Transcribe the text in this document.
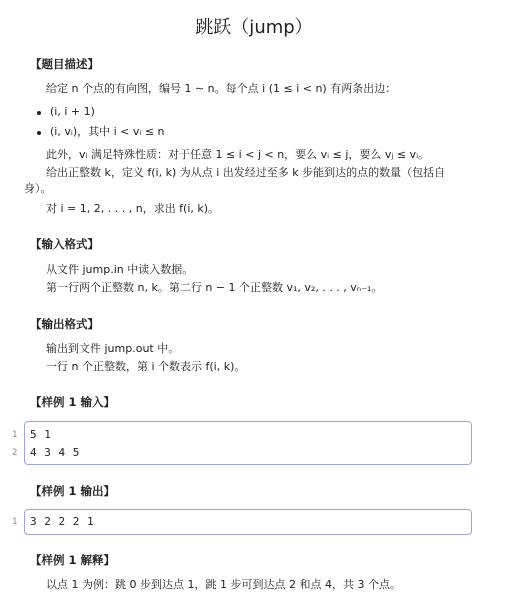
跳跃（jump）
【题目描述】
给定 n 个点的有向图，编号 1 ∼ n。每个点 i (1 ≤ i < n) 有两条出边：
(i, i + 1)
(i, vᵢ)，其中 i < vᵢ ≤ n
此外，vᵢ 满足特殊性质：对于任意 1 ≤ i < j < n，要么 vᵢ ≤ j，要么 vⱼ ≤ vᵢ。
给出正整数 k，定义 f(i, k) 为从点 i 出发经过至多 k 步能到达的点的数量（包括自
身）。
对 i = 1, 2, . . . , n，求出 f(i, k)。
【输入格式】
从文件 jump.in 中读入数据。
第一行两个正整数 n, k。第二行 n − 1 个正整数 v₁, v₂, . . . , vₙ₋₁。
【输出格式】
输出到文件 jump.out 中。
一行 n 个正整数，第 i 个数表示 f(i, k)。
【样例 1 输入】
1 5 1
2 4 3 4 5
【样例 1 输出】
1 3 2 2 2 1
【样例 1 解释】
以点 1 为例：跳 0 步到达点 1，跳 1 步可到达点 2 和点 4，共 3 个点。
